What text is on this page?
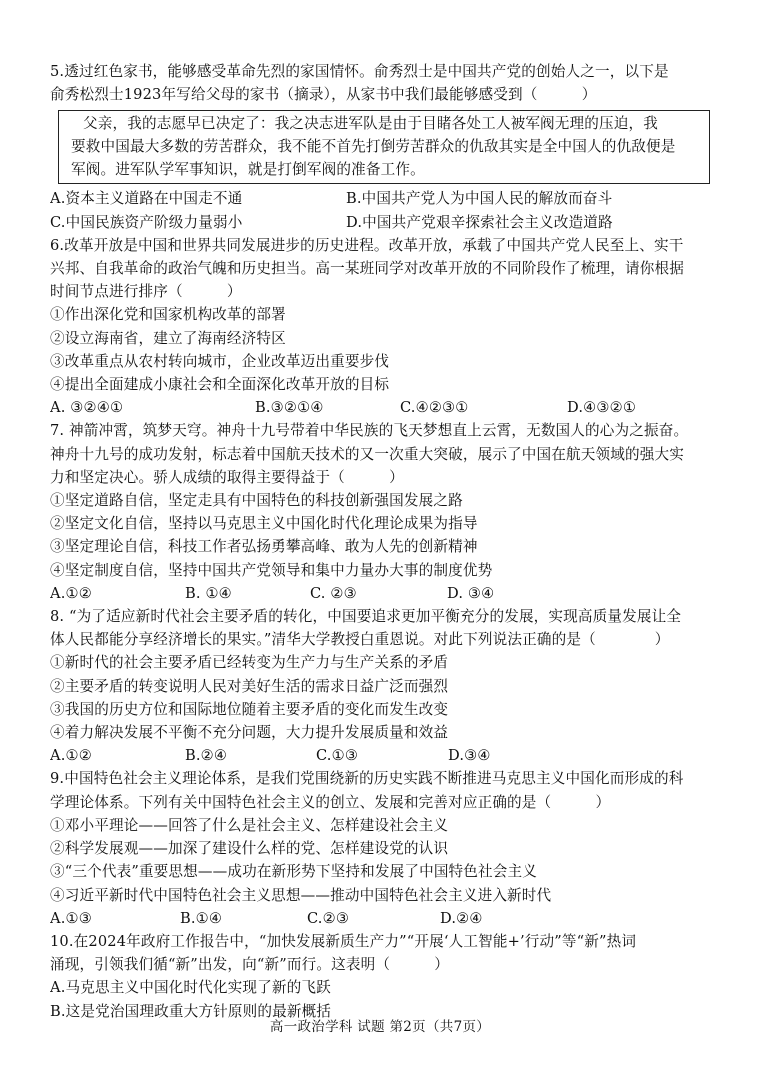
5.透过红色家书，能够感受革命先烈的家国情怀。俞秀烈士是中国共产党的创始人之一，以下是
俞秀松烈士1923年写给父母的家书（摘录），从家书中我们最能够感受到（　　　）
父亲，我的志愿早已决定了：我之决志进军队是由于目睹各处工人被军阀无理的压迫，我
要救中国最大多数的劳苦群众，我不能不首先打倒劳苦群众的仇敌其实是全中国人的仇敌便是
军阀。进军队学军事知识，就是打倒军阀的准备工作。
A.资本主义道路在中国走不通	B.中国共产党人为中国人民的解放而奋斗
C.中国民族资产阶级力量弱小	D.中国共产党艰辛探索社会主义改造道路
6.改革开放是中国和世界共同发展进步的历史进程。改革开放，承载了中国共产党人民至上、实干
兴邦、自我革命的政治气魄和历史担当。高一某班同学对改革开放的不同阶段作了梳理，请你根据
时间节点进行排序（　　　）
①作出深化党和国家机构改革的部署
②设立海南省，建立了海南经济特区
③改革重点从农村转向城市，企业改革迈出重要步伐
④提出全面建成小康社会和全面深化改革开放的目标
A. ③②④①	B.③②①④	C.④②③①	D.④③②①
7. 神箭冲霄，筑梦天穹。神舟十九号带着中华民族的飞天梦想直上云霄，无数国人的心为之振奋。
神舟十九号的成功发射，标志着中国航天技术的又一次重大突破，展示了中国在航天领域的强大实
力和坚定决心。骄人成绩的取得主要得益于（　　　）
①坚定道路自信，坚定走具有中国特色的科技创新强国发展之路
②坚定文化自信，坚持以马克思主义中国化时代化理论成果为指导
③坚定理论自信，科技工作者弘扬勇攀高峰、敢为人先的创新精神
④坚定制度自信，坚持中国共产党领导和集中力量办大事的制度优势
A.①②	B. ①④	C. ②③	D. ③④
8. “为了适应新时代社会主要矛盾的转化，中国要追求更加平衡充分的发展，实现高质量发展让全
体人民都能分享经济增长的果实。”清华大学教授白重恩说。对此下列说法正确的是（　　　　）
①新时代的社会主要矛盾已经转变为生产力与生产关系的矛盾
②主要矛盾的转变说明人民对美好生活的需求日益广泛而强烈
③我国的历史方位和国际地位随着主要矛盾的变化而发生改变
④着力解决发展不平衡不充分问题，大力提升发展质量和效益
A.①②	B.②④	C.①③	D.③④
9.中国特色社会主义理论体系，是我们党围绕新的历史实践不断推进马克思主义中国化而形成的科
学理论体系。下列有关中国特色社会主义的创立、发展和完善对应正确的是（　　　）
①邓小平理论——回答了什么是社会主义、怎样建设社会主义
②科学发展观——加深了建设什么样的党、怎样建设党的认识
③“三个代表”重要思想——成功在新形势下坚持和发展了中国特色社会主义
④习近平新时代中国特色社会主义思想——推动中国特色社会主义进入新时代
A.①③	B.①④	C.②③	D.②④
10.在2024年政府工作报告中，“加快发展新质生产力”“开展‘人工智能+’行动”等“新”热词
涌现，引领我们循“新”出发，向“新”而行。这表明（　　　）
A.马克思主义中国化时代化实现了新的飞跃
B.这是党治国理政重大方针原则的最新概括
高一政治学科 试题 第2页（共7页）
